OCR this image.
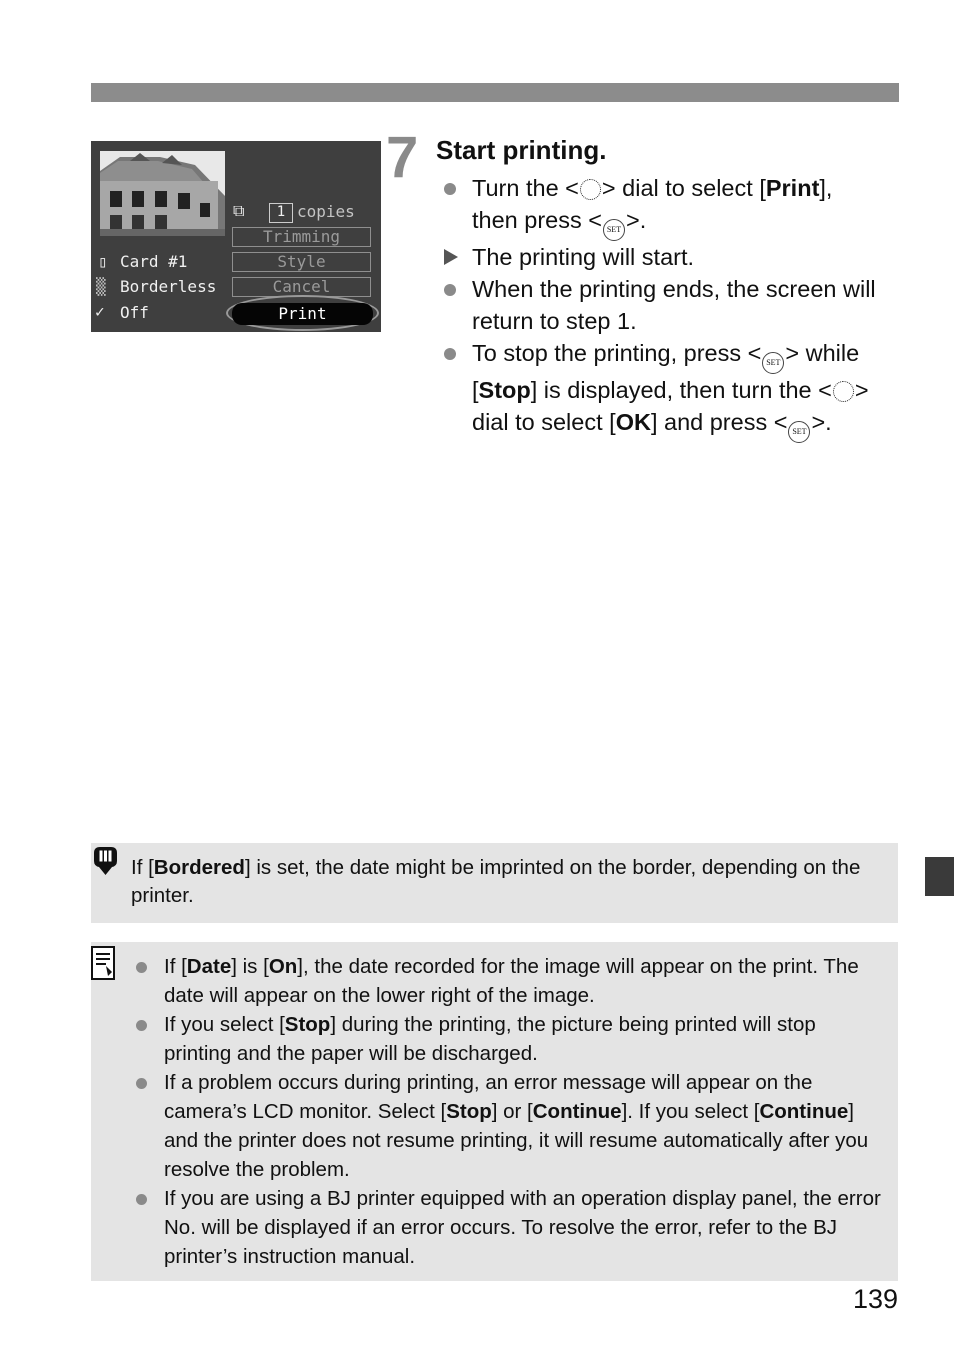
⧉	1 copies
Trimming
Style
Cancel
Print
▯ Card #1
▒ Borderless
✓ Off
7 Start printing.
Turn the < > dial to select [Print],
then press < SET >.
The printing will start.
When the printing ends, the screen will return to step 1.
To stop the printing, press < SET > while [Stop] is displayed, then turn the < > dial to select [OK] and press < SET >.
If [Bordered] is set, the date might be imprinted on the border, depending on the printer.
If [Date] is [On], the date recorded for the image will appear on the print. The date will appear on the lower right of the image.
If you select [Stop] during the printing, the picture being printed will stop printing and the paper will be discharged.
If a problem occurs during printing, an error message will appear on the camera’s LCD monitor. Select [Stop] or [Continue]. If you select [Continue] and the printer does not resume printing, it will resume automatically after you resolve the problem.
If you are using a BJ printer equipped with an operation display panel, the error No. will be displayed if an error occurs. To resolve the error, refer to the BJ printer’s instruction manual.
139
